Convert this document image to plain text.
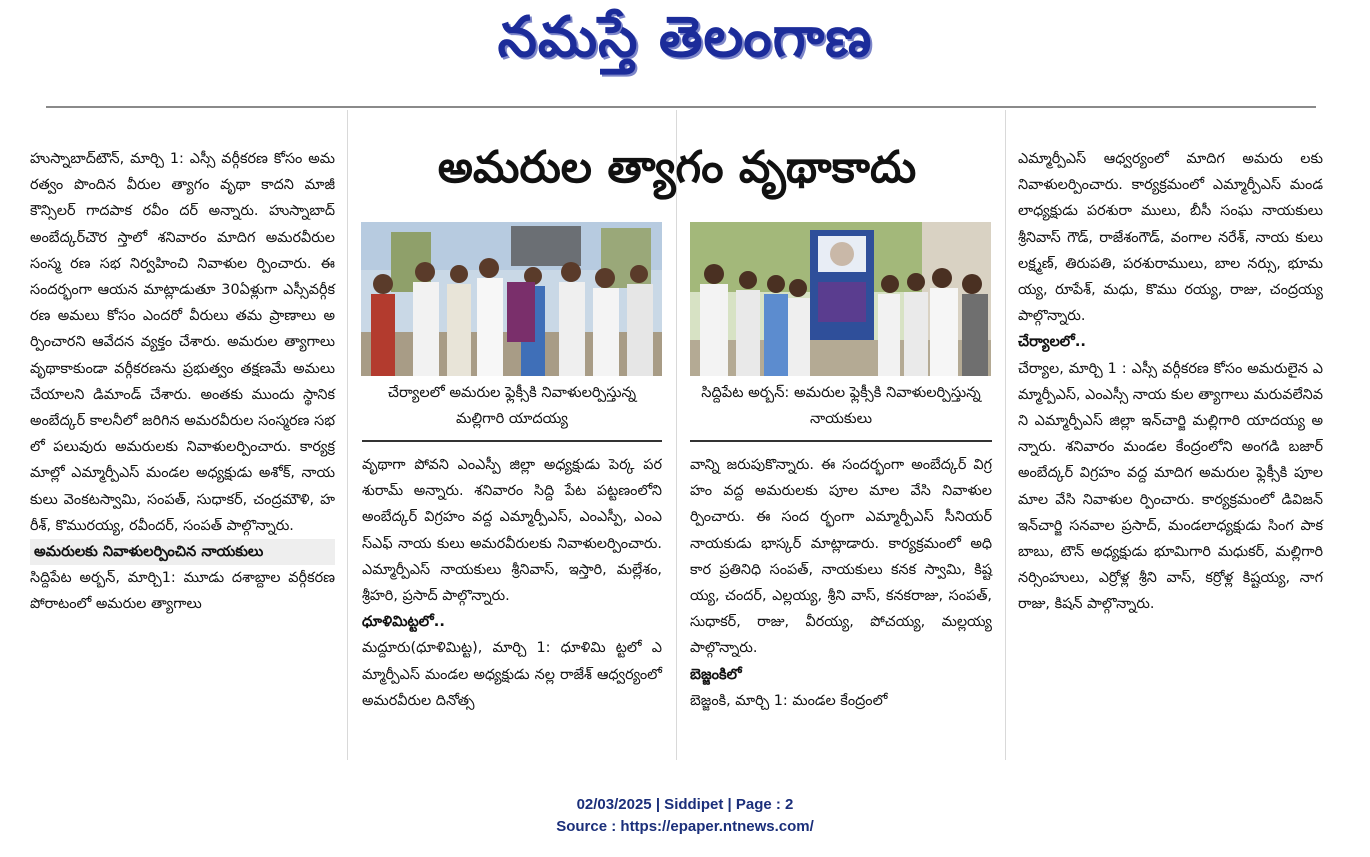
నమస్తే తెలంగాణ
అమరుల త్యాగం వృథాకాదు

హుస్నాబాద్‌టౌన్‌, మార్చి 1: ఎస్సీ వర్గీకరణ కోసం అమరత్వం పొందిన వీరుల త్యాగం వృథా కాదని మాజీ కౌన్సిలర్‌ గాదపాక రవీం దర్‌ అన్నారు. హుస్నాబాద్‌ అంబేద్కర్‌చౌర స్తాలో శనివారం మాదిగ అమరవీరుల సంస్మ రణ సభ నిర్వహించి నివాళుల ర్పించారు. ఈ సందర్భంగా ఆయన మాట్లాడుతూ 30ఏళ్లుగా ఎస్సీవర్గీకరణ అమలు కోసం ఎందరో వీరులు తమ ప్రాణాలు అర్పించారని ఆవేదన వ్యక్తం చేశారు. అమరుల త్యాగాలు వృథాకాకుండా వర్గీకరణను ప్రభుత్వం తక్షణమే అమలు చేయాలని డిమాండ్‌ చేశారు. అంతకు ముందు స్థానిక అంబేద్కర్‌ కాలనీలో జరిగిన అమరవీరుల సంస్మరణ సభలో పలువురు అమరులకు నివాళులర్పించారు. కార్యక్ర మాల్లో ఎమ్మార్పీఎస్‌ మండల అధ్యక్షుడు అశోక్‌, నాయకులు వెంకటస్వామి, సంపత్‌, సుధాకర్‌, చంద్రమౌళి, హరీశ్‌, కొమురయ్య, రవీందర్‌, సంపత్‌ పాల్గొన్నారు.

అమరులకు నివాళులర్పించిన నాయకులు

సిద్దిపేట అర్బన్‌, మార్చి1: మూడు దశాబ్దాల వర్గీకరణ పోరాటంలో అమరుల త్యాగాలు

చేర్యాలలో అమరుల ఫ్లెక్సీకి నివాళులర్పిస్తున్న మల్లిగారి యాదయ్య
సిద్దిపేట అర్బన్‌: అమరుల ఫ్లెక్సీకి నివాళులర్పిస్తున్న నాయకులు

వృథాగా పోవని ఎంఎస్పీ జిల్లా అధ్యక్షుడు పెర్క పరశురామ్‌ అన్నారు. శనివారం సిద్ది పేట పట్టణంలోని అంబేద్కర్‌ విగ్రహం వద్ద ఎమ్మార్పీఎస్‌, ఎంఎస్పీ, ఎంఎస్‌ఎఫ్‌ నాయ కులు అమరవీరులకు నివాళులర్పించారు. ఎమ్మార్పీఎస్‌ నాయకులు శ్రీనివాస్‌, ఇస్తారి, మల్లేశం, శ్రీహరి, ప్రసాద్‌ పాల్గొన్నారు.

ధూళిమిట్టలో..

మద్దూరు(ధూళిమిట్ట), మార్చి 1: ధూళిమి ట్టలో ఎమ్మార్పీఎస్‌ మండల అధ్యక్షుడు నల్ల రాజేశ్‌ ఆధ్వర్యంలో అమరవీరుల దినోత్స

వాన్ని జరుపుకొన్నారు. ఈ సందర్భంగా అంబేద్కర్‌ విగ్రహం వద్ద అమరులకు పూల మాల వేసి నివాళులర్పించారు. ఈ సంద ర్భంగా ఎమ్మార్పీఎస్‌ సీనియర్‌ నాయకుడు భాస్కర్‌ మాట్లాడారు. కార్యక్రమంలో అధి కార ప్రతినిధి సంపత్‌, నాయకులు కనక స్వామి, కిష్టయ్య, చందర్‌, ఎల్లయ్య, శ్రీని వాస్‌, కనకరాజు, సంపత్‌, సుధాకర్‌, రాజు, వీరయ్య, పోచయ్య, మల్లయ్య పాల్గొన్నారు.

బెజ్జంకిలో

బెజ్జంకి, మార్చి 1: మండల కేంద్రంలో

ఎమ్మార్పీఎస్‌ ఆధ్వర్యంలో మాదిగ అమరు లకు నివాళులర్పించారు. కార్యక్రమంలో ఎమ్మార్పీఎస్‌ మండలాధ్యక్షుడు పరశురా ములు, బీసీ సంఘ నాయకులు శ్రీనివాస్‌ గౌడ్‌, రాజేశంగౌడ్‌, వంగాల నరేశ్‌, నాయ కులు లక్ష్మణ్‌, తిరుపతి, పరశురాములు, బాల నర్సు, భూమయ్య, రూపేశ్‌, మధు, కొము రయ్య, రాజు, చంద్రయ్య పాల్గొన్నారు.

చేర్యాలలో..

చేర్యాల, మార్చి 1 : ఎస్సీ వర్గీకరణ కోసం అమరులైన ఎమ్మార్పీఎస్‌, ఎంఎస్సీ నాయ కుల త్యాగాలు మరువలేనివని ఎమ్మార్పీఎస్‌ జిల్లా ఇన్‌చార్జి మల్లిగారి యాదయ్య అన్నారు. శనివారం మండల కేంద్రంలోని అంగడి బజార్‌ అంబేద్కర్‌ విగ్రహం వద్ద మాదిగ అమరుల ఫ్లెక్సీకి పూలమాల వేసి నివాళుల ర్పించారు. కార్యక్రమంలో డివిజన్‌ ఇన్‌చార్జి సనవాల ప్రసాద్‌, మండలాధ్యక్షుడు సింగ పాక బాబు, టౌన్‌ అధ్యక్షుడు భూమిగారి మధుకర్‌, మల్లిగారి నర్సింహులు, ఎర్రోళ్ల శ్రీని వాస్‌, కర్రోళ్ల కిష్టయ్య, నాగరాజు, కిషన్‌ పాల్గొన్నారు.

02/03/2025 | Siddipet | Page : 2
Source : https://epaper.ntnews.com/
